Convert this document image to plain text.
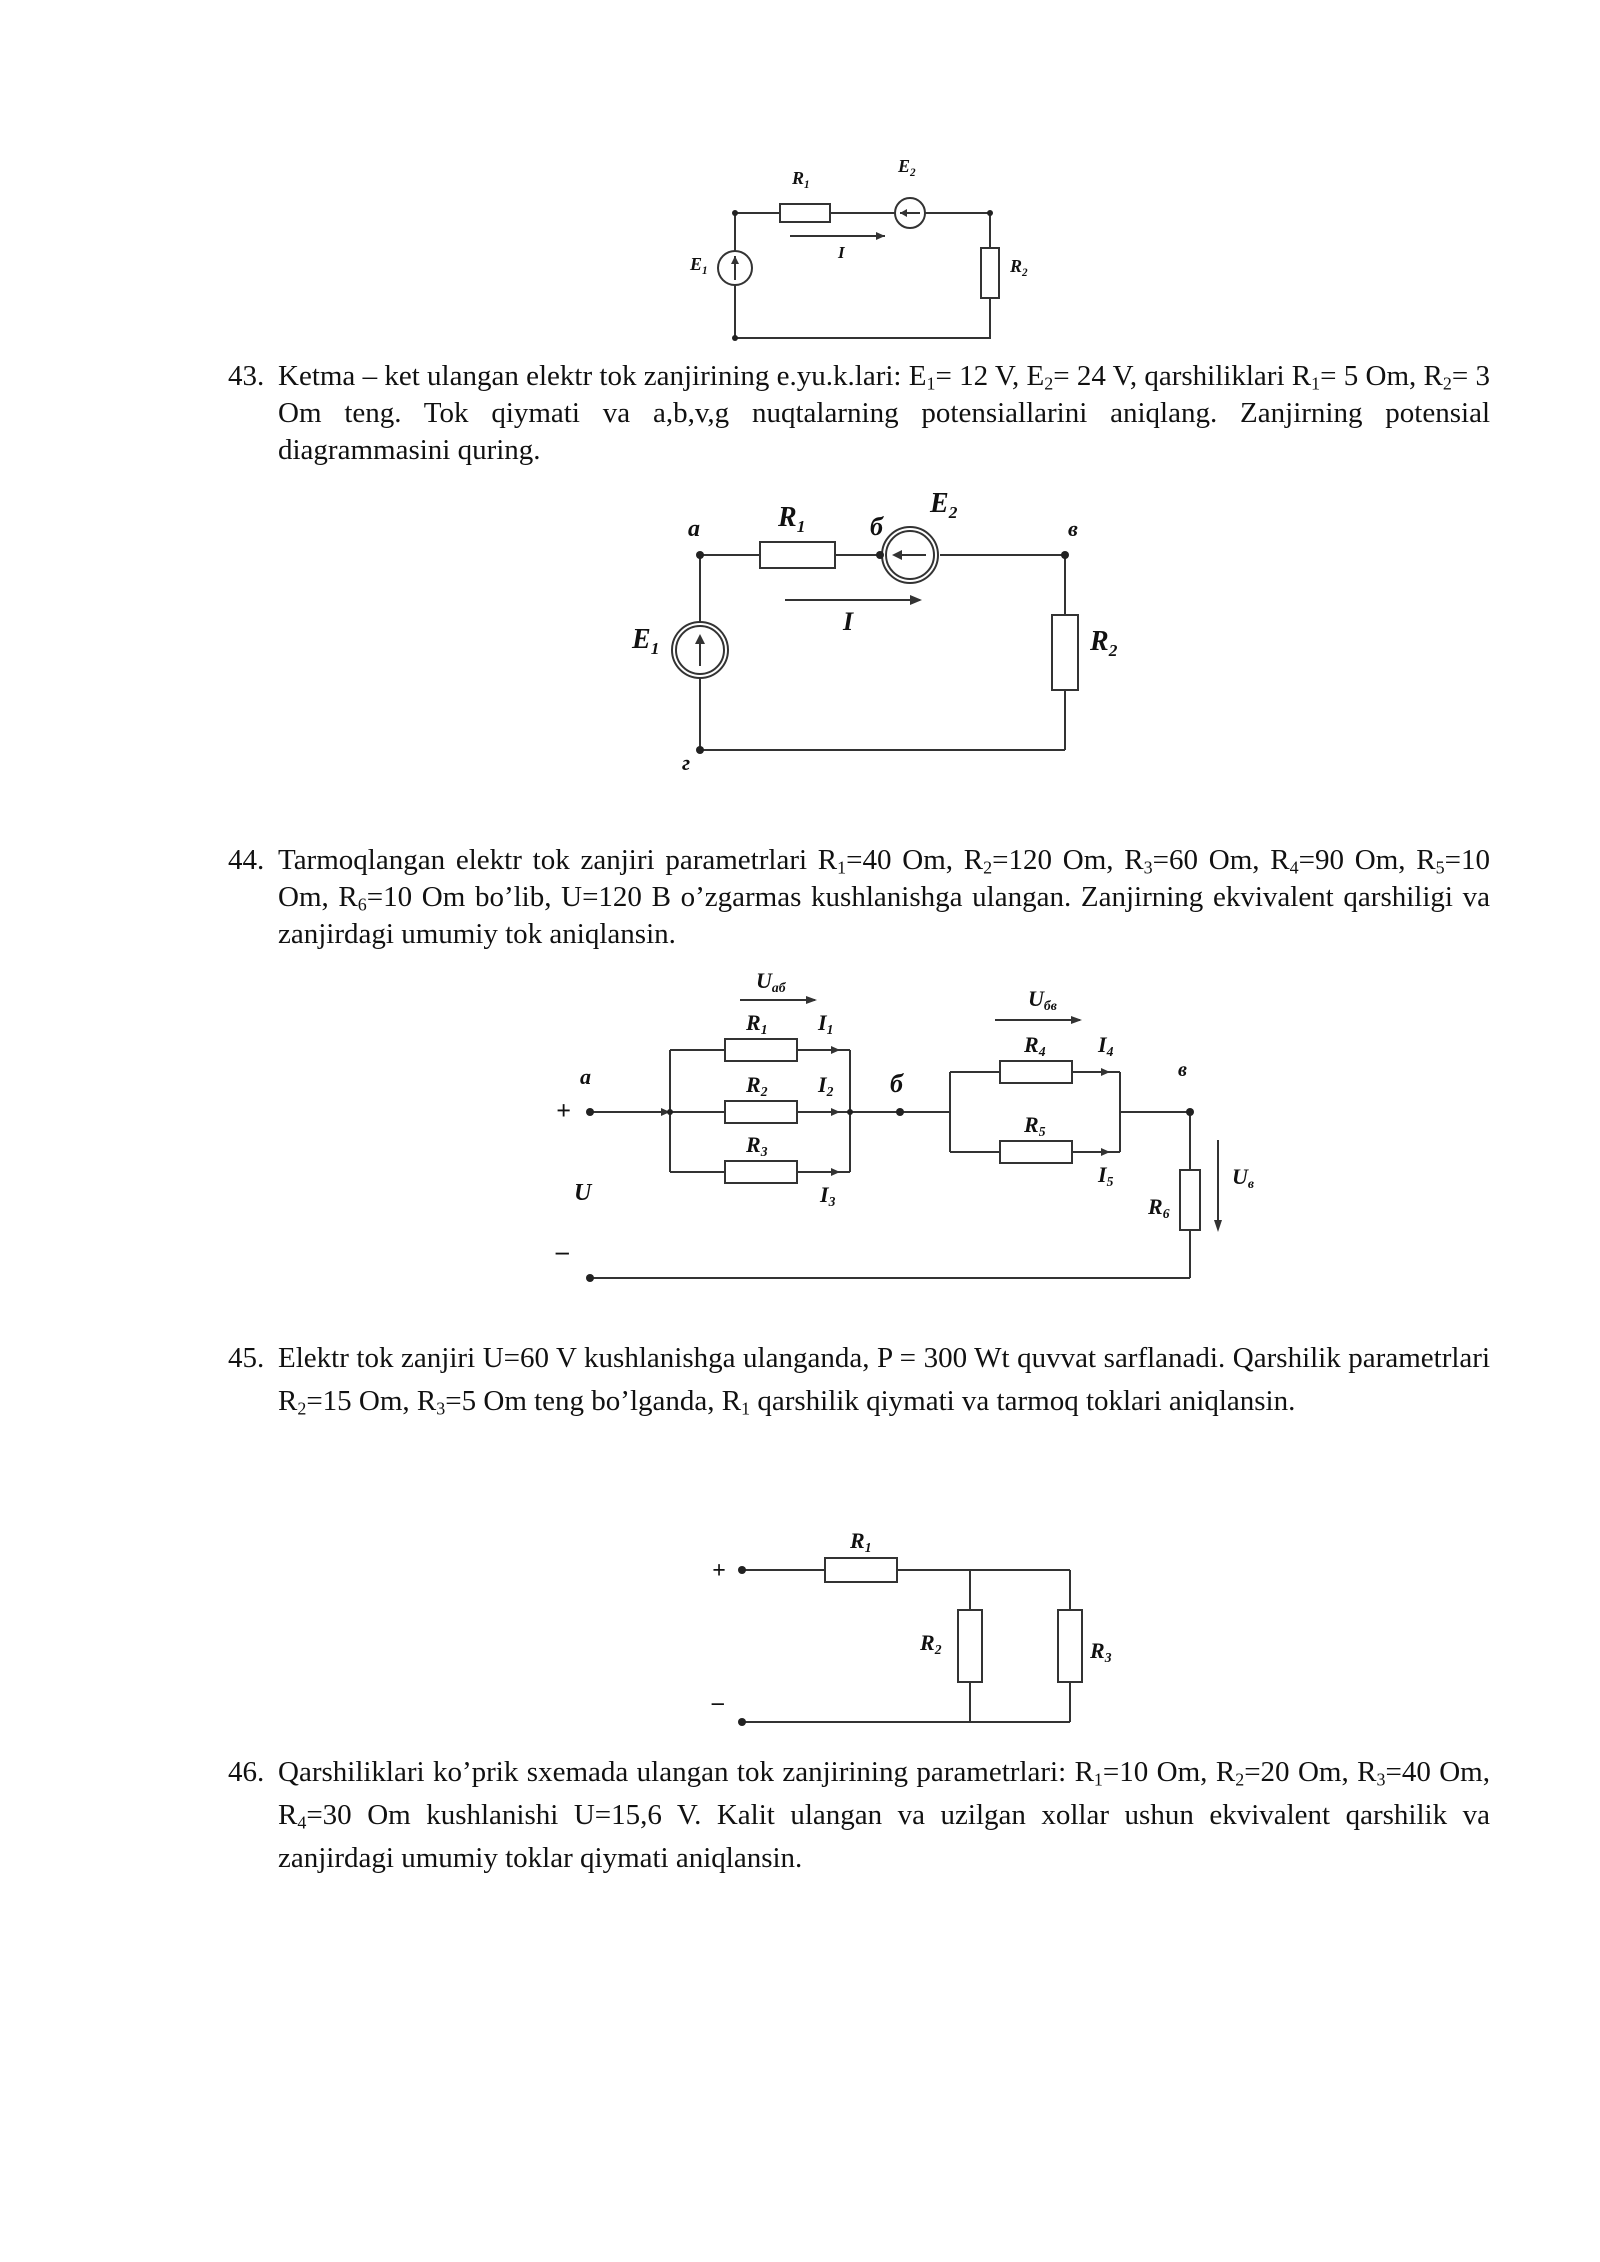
$R_1$
$E_2$
I
$E_1$	$R_2$
43. Ketma – ket ulangan elektr tok zanjirining e.yu.k.lari: $E_1= 12$ V, $E_2= 24$ V, qarshiliklari $R_1= 5$ Om, $R_2= 3$ Om teng. Tok qiymati va a,b,v,g nuqtalarning potensiallarini aniqlang. Zanjirning potensial diagrammasini quring.
a	б	в
г
$R_1$
$E_2$
I
$E_1$	$R_2$
44. Tarmoqlangan elektr tok zanjiri parametrlari $R_1=40$ Om, $R_2=120$ Om, $R_3=60$ Om, $R_4=90$ Om, $R_5=10$ Om, $R_6=10$ Om bo’lib, U=120 B o’zgarmas kushlanishga ulangan. Zanjirning ekvivalent qarshiligi va zanjirdagi umumiy tok aniqlansin.
+
–
a	б	в
U
Uаб	Uбв
Uв
R1
R2
R3
R4
R5
R6
I1
I2
I3
I4
I5
45. Elektr tok zanjiri U=60 V kushlanishga ulanganda, P = 300 Wt quvvat sarflanadi. Qarshilik parametrlari $R_2=15$ Om, $R_3=5$ Om teng bo’lganda, $R_1$ qarshilik qiymati va tarmoq toklari aniqlansin.
+
–
R1
R2	R3
46. Qarshiliklari ko’prik sxemada ulangan tok zanjirining parametrlari: $R_1=10$ Om, $R_2=20$ Om, $R_3=40$ Om, $R_4=30$ Om kushlanishi U=15,6 V. Kalit ulangan va uzilgan xollar ushun ekvivalent qarshilik va zanjirdagi umumiy toklar qiymati aniqlansin.
